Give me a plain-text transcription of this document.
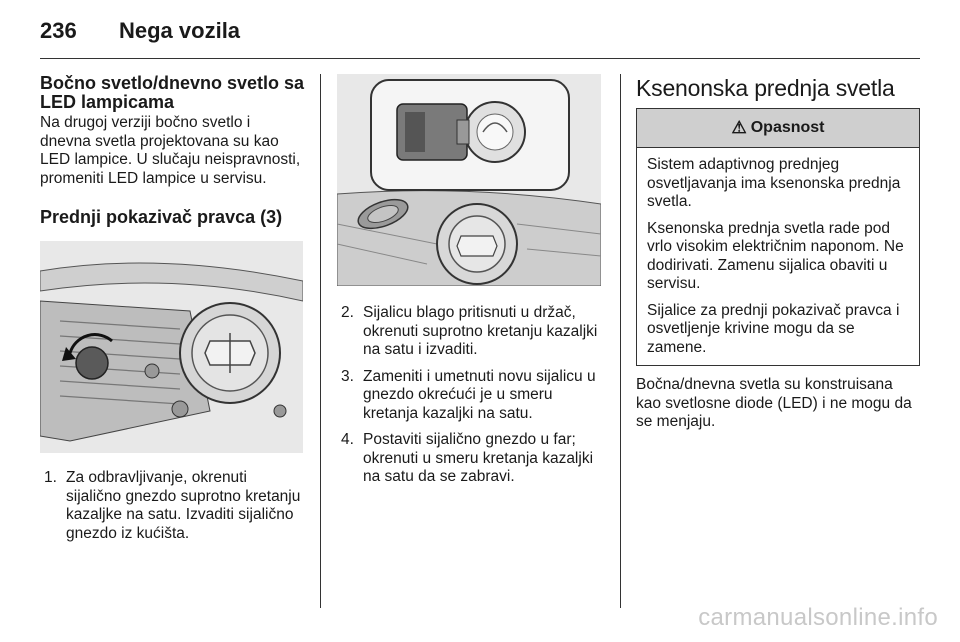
236 Nega vozila
Bočno svetlo/dnevno svetlo sa LED lampicama

Na drugoj verziji bočno svetlo i dnevna svetla projektovana su kao LED lampice. U slučaju neispravnosti, promeniti LED lampice u servisu.

Prednji pokazivač pravca (3)
1. Za odbravljivanje, okrenuti sijalično gnezdo suprotno kretanju kazaljke na satu. Izvaditi sijalično gnezdo iz kućišta.
2. Sijalicu blago pritisnuti u držač, okrenuti suprotno kretanju kazaljki na satu i izvaditi.
3. Zameniti i umetnuti novu sijalicu u gnezdo okrećući je u smeru kretanja kazaljki na satu.
4. Postaviti sijalično gnezdo u far; okrenuti u smeru kretanja kazaljki na satu da se zabravi.
Ksenonska prednja svetla
⚠ Opasnost

Sistem adaptivnog prednjeg osvetljavanja ima ksenonska prednja svetla.

Ksenonska prednja svetla rade pod vrlo visokim električnim naponom. Ne dodirivati. Zamenu sijalica obaviti u servisu.

Sijalice za prednji pokazivač pravca i osvetljenje krivine mogu da se zamene.

Bočna/dnevna svetla su konstruisana kao svetlosne diode (LED) i ne mogu da se menjaju.

carmanualsonline.info
